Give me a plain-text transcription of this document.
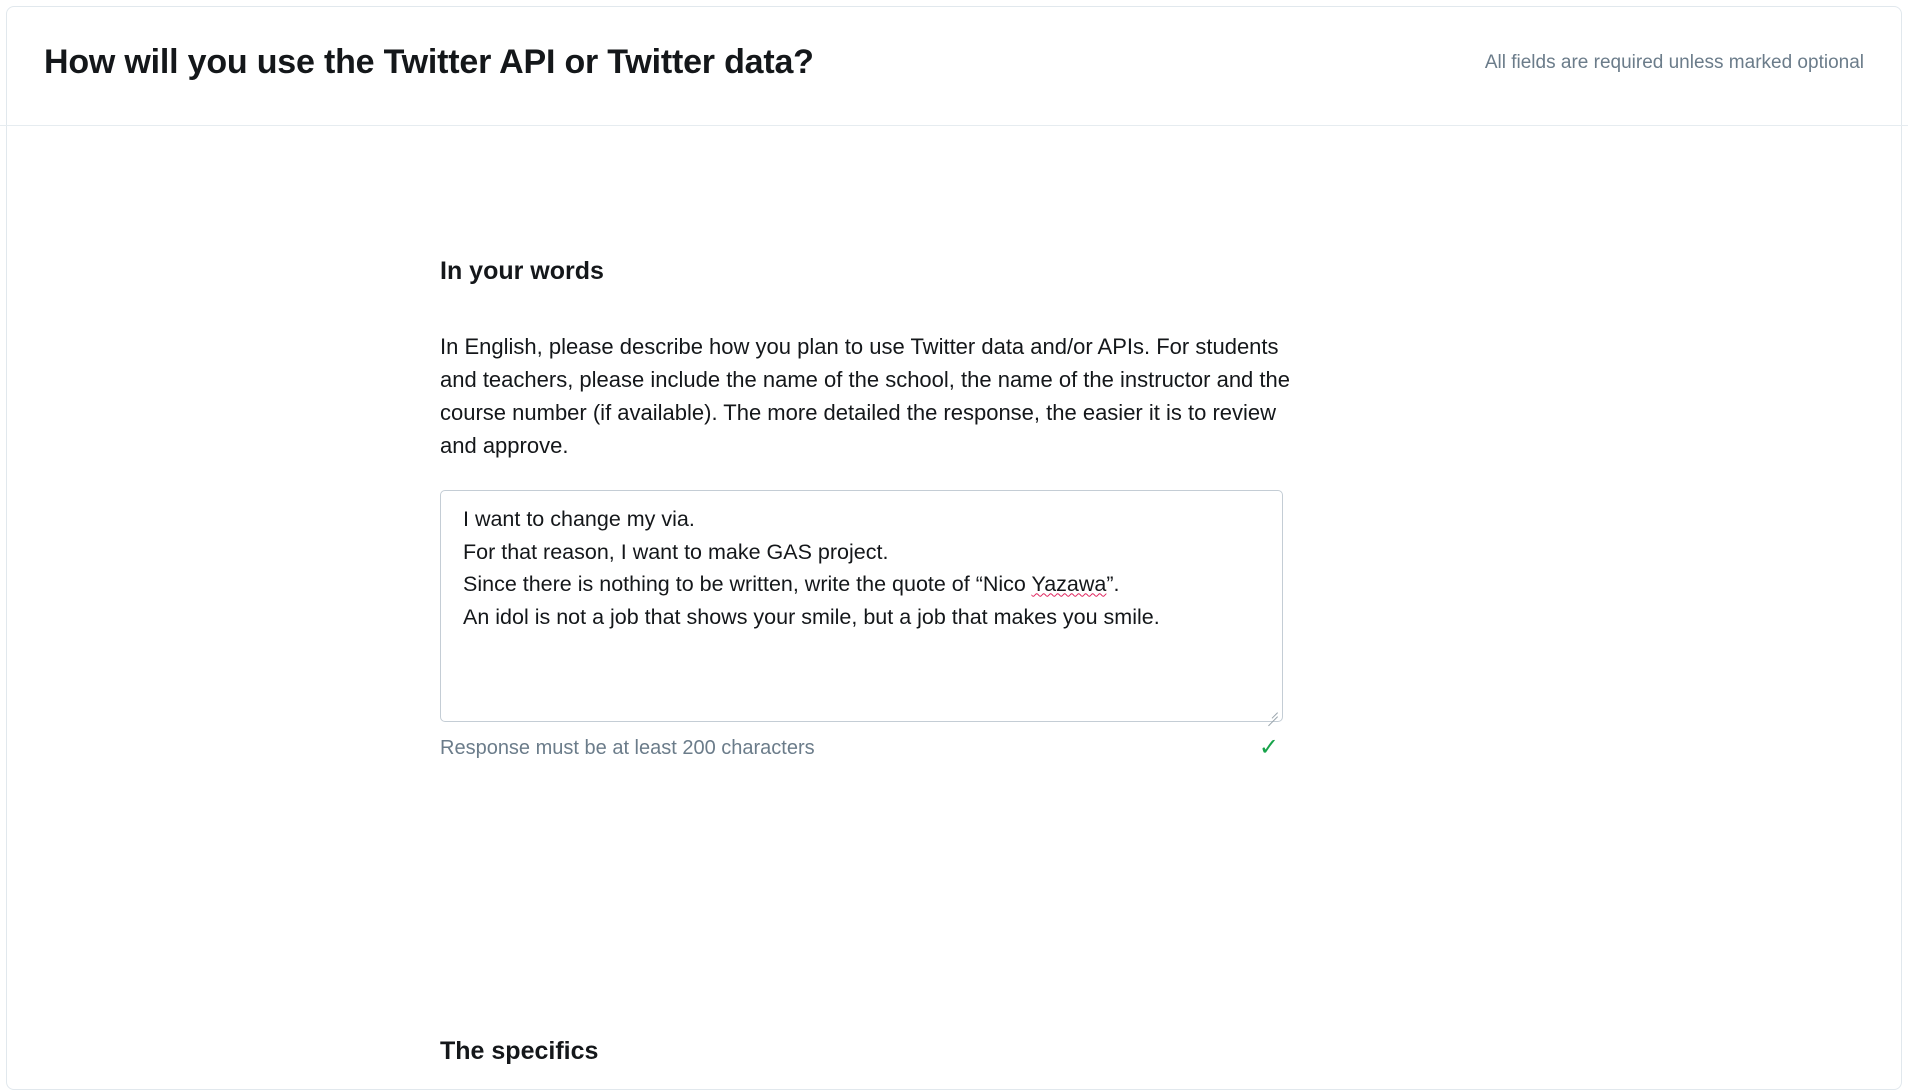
How will you use the Twitter API or Twitter data?	All fields are required unless marked optional
In your words

In English, please describe how you plan to use Twitter data and/or APIs. For students and teachers, please include the name of the school, the name of the instructor and the course number (if available). The more detailed the response, the easier it is to review and approve.

I want to change my via.
For that reason, I want to make GAS project.
Since there is nothing to be written, write the quote of “Nico Yazawa”.
An idol is not a job that shows your smile, but a job that makes you smile.

Response must be at least 200 characters	✓
The specifics
